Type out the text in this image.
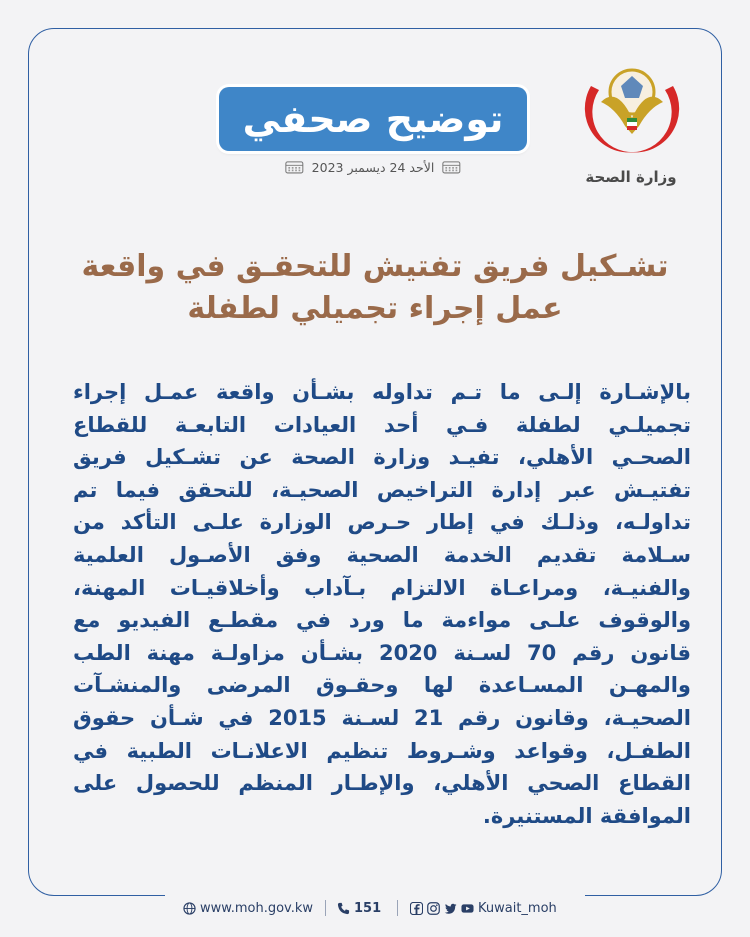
وزارة الصحة
توضيح صحفي
الأحد 24 ديسمبر 2023
تشـكيل فريق تفتيش للتحقـق في واقعة
عمل إجراء تجميلي لطفلة
بالإشـارة إلـى ما تـم تداوله بشـأن واقعة عمـل إجراء
تجميلـي لطفلة فـي أحد العيادات التابعـة للقطاع
الصحـي الأهلي، تفيـد وزارة الصحة عن تشـكيل فريق
تفتيـش عبر إدارة التراخيص الصحيـة، للتحقق فيما تم
تداولـه، وذلـك في إطار حـرص الوزارة علـى التأكد من
سـلامة تقديم الخدمة الصحية وفق الأصـول العلمية
والفنيـة، ومراعـاة الالتزام بـآداب وأخلاقيـات المهنة،
والوقوف علـى مواءمة ما ورد في مقطـع الفيديو مع
قانون رقم 70 لسـنة 2020 بشـأن مزاولـة مهنة الطب
والمهـن المسـاعدة لها وحقـوق المرضى والمنشـآت
الصحيـة، وقانون رقم 21 لسـنة 2015 في شـأن حقوق
الطفـل، وقواعد وشـروط تنظيم الاعلانـات الطبية في
القطاع الصحي الأهلي، والإطـار المنظم للحصول على
الموافقة المستنيرة.
www.moh.gov.kw	151	Kuwait_moh
